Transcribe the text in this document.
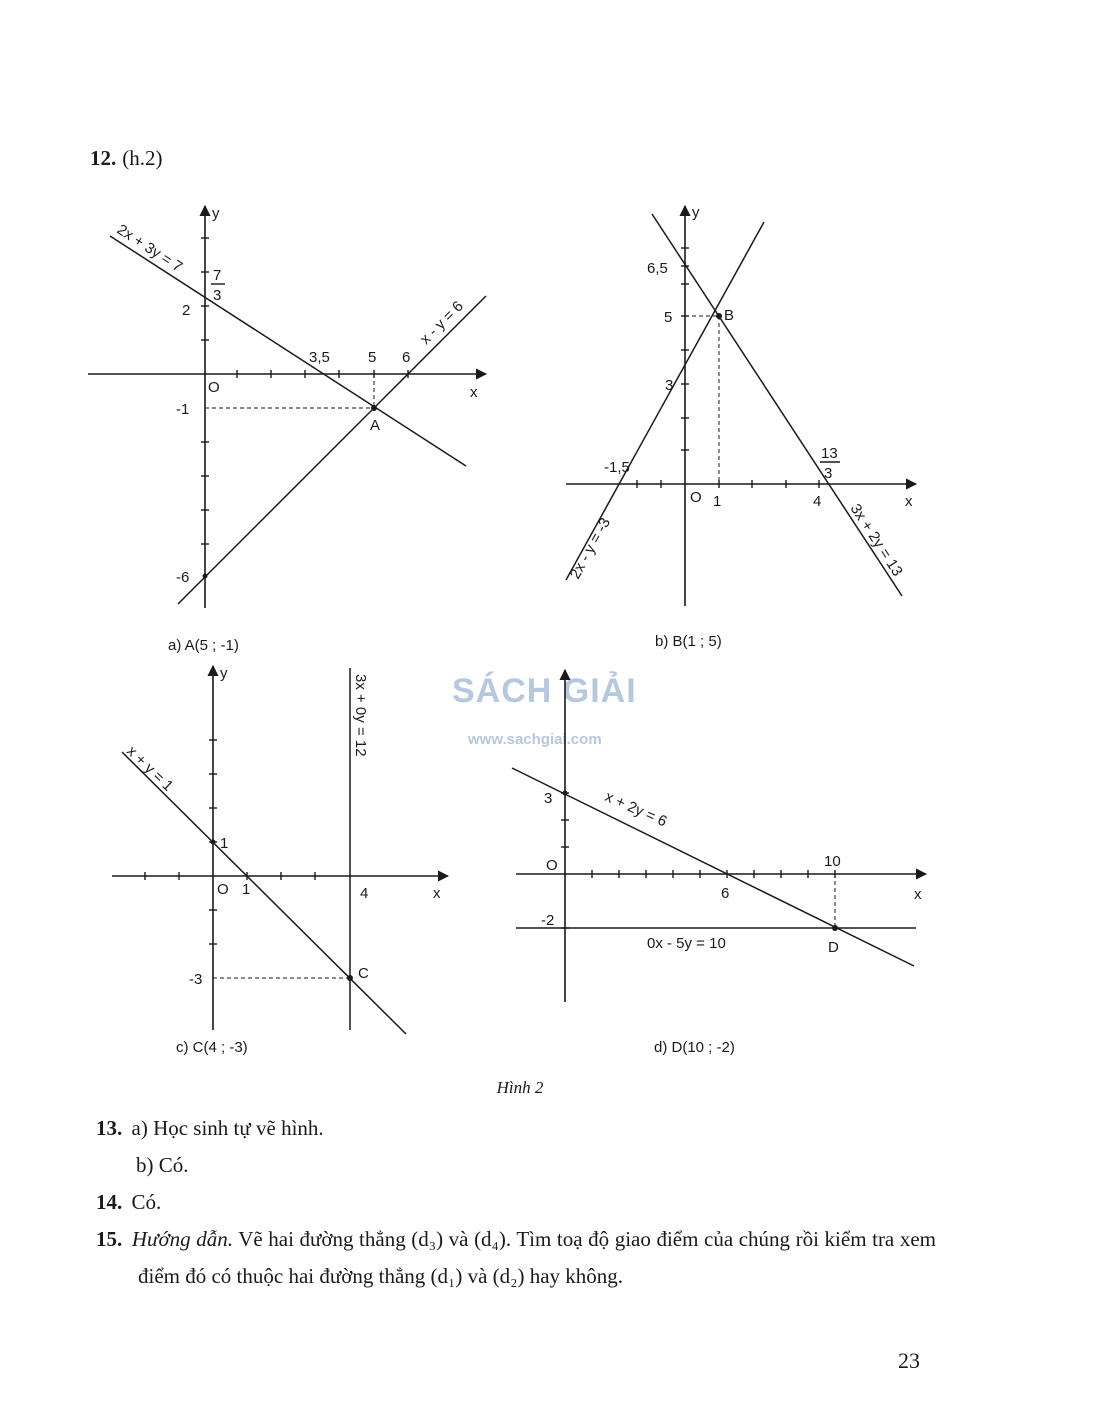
12. (h.2)
SÁCH GIẢI
www.sachgiai.com
y
x
O
3,5	5 6
2
-1
-6
7
3
2x + 3y = 7
x - y = 6
A
a) A(5 ; -1)
y
x
O
-1,5
1	4
6,5
5
3
13
3
2x - y = -3	3x + 2y = 13
B
b) B(1 ; 5)
y
x
O 1	4
1
-3
x + y = 1
3x + 0y = 12
C
c) C(4 ; -3)
x
O
6
10
3
-2
x + 2y = 6
0x - 5y = 10	D
d) D(10 ; -2)
Hình 2
13. a) Học sinh tự vẽ hình.
b) Có.
14. Có.
15. Hướng dẫn. Vẽ hai đường thẳng (d₃) và (d₄). Tìm toạ độ giao điểm của chúng rồi kiểm tra xem điểm đó có thuộc hai đường thẳng (d₁) và (d₂) hay không.
23
